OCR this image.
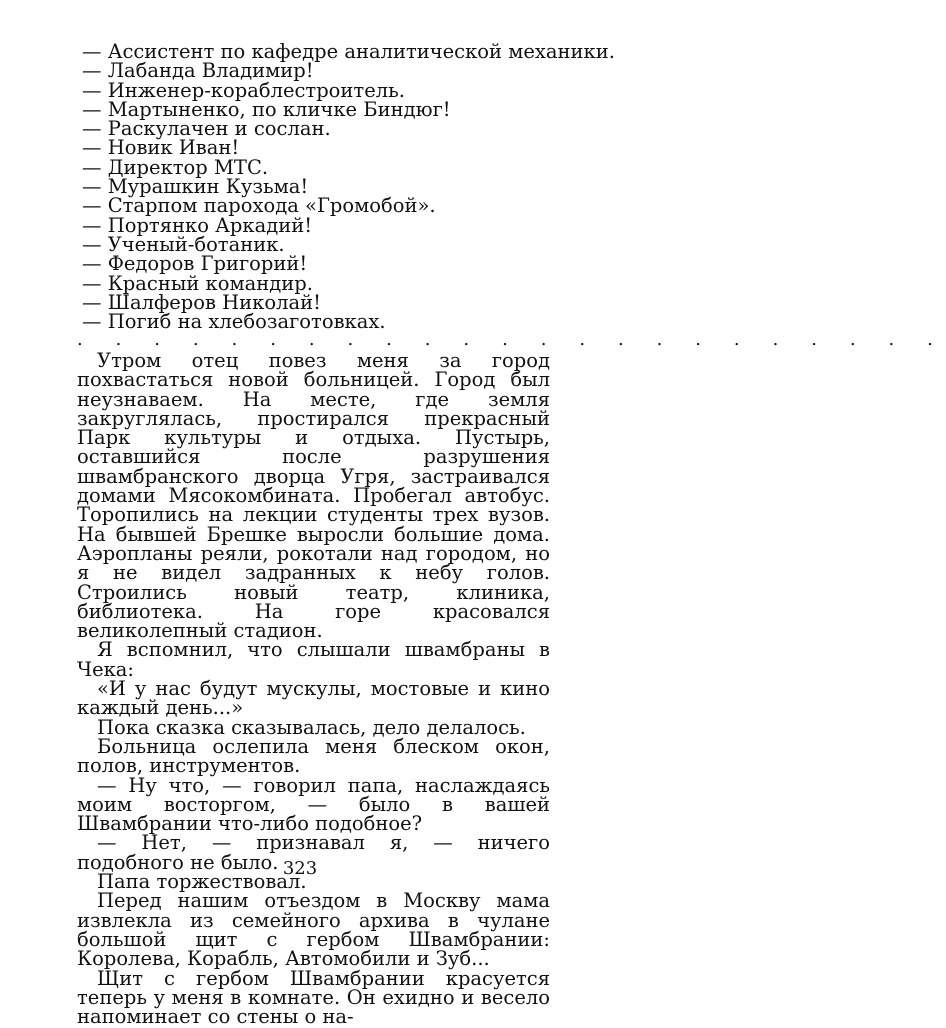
— Ассистент по кафедре аналитической механики.
— Лабанда Владимир!
— Инженер-кораблестроитель.
— Мартыненко, по кличке Биндюг!
— Раскулачен и сослан.
— Новик Иван!
— Директор МТС.
— Мурашкин Кузьма!
— Старпом парохода «Громобой».
— Портянко Аркадий!
— Ученый-ботаник.
— Федоров Григорий!
— Красный командир.
— Шалферов Николай!
— Погиб на хлебозаготовках.
. . . . . . . . . . . . . . . . . . . . . . .

Утром отец повез меня за город похвастаться новой больницей. Город был неузнаваем. На месте, где земля закруглялась, простирался прекрасный Парк культуры и отдыха. Пустырь, оставшийся после разрушения швамбранского дворца Угря, застраивался домами Мясокомбината. Пробегал автобус. Торопились на лекции студенты трех вузов. На бывшей Брешке выросли большие дома. Аэропланы реяли, рокотали над городом, но я не видел задранных к небу голов. Строились новый театр, клиника, библиотека. На горе красовался великолепный стадион.

Я вспомнил, что слышали швамбраны в Чека:

«И у нас будут мускулы, мостовые и кино каждый день...»

Пока сказка сказывалась, дело делалось.

Больница ослепила меня блеском окон, полов, инструментов.

— Ну что, — говорил папа, наслаждаясь моим восторгом, — было в вашей Швамбрании что-либо подобное?

— Нет, — признавал я, — ничего подобного не было.

Папа торжествовал.

Перед нашим отъездом в Москву мама извлекла из семейного архива в чулане большой щит с гербом Швамбрании: Королева, Корабль, Автомобили и Зуб...

Щит с гербом Швамбрании красуется теперь у меня в комнате. Он ехидно и весело напоминает со стены о на-

323
